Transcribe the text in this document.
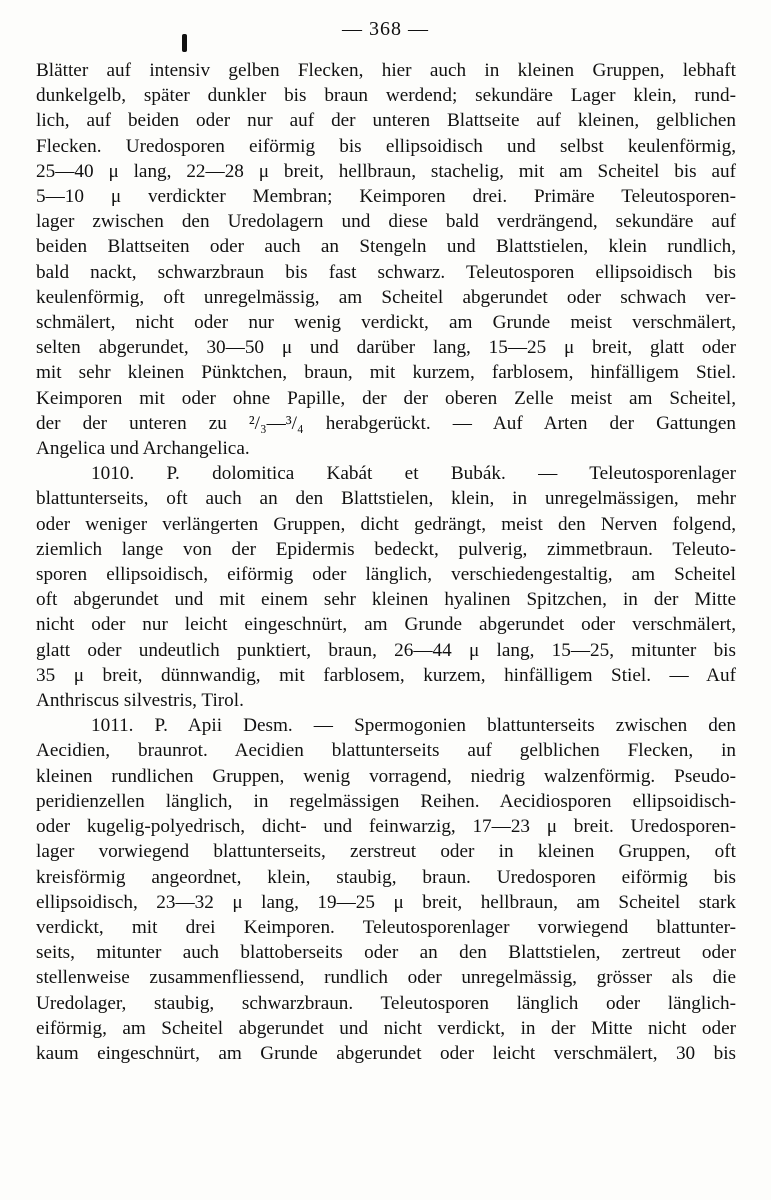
— 368 —
Blätter auf intensiv gelben Flecken, hier auch in kleinen Gruppen, lebhaft
dunkelgelb, später dunkler bis braun werdend; sekundäre Lager klein, rund-
lich, auf beiden oder nur auf der unteren Blattseite auf kleinen, gelblichen
Flecken. Uredosporen eiförmig bis ellipsoidisch und selbst keulenförmig,
25—40 μ lang, 22—28 μ breit, hellbraun, stachelig, mit am Scheitel bis auf
5—10 μ verdickter Membran; Keimporen drei. Primäre Teleutosporen-
lager zwischen den Uredolagern und diese bald verdrängend, sekundäre auf
beiden Blattseiten oder auch an Stengeln und Blattstielen, klein rundlich,
bald nackt, schwarzbraun bis fast schwarz. Teleutosporen ellipsoidisch bis
keulenförmig, oft unregelmässig, am Scheitel abgerundet oder schwach ver-
schmälert, nicht oder nur wenig verdickt, am Grunde meist verschmälert,
selten abgerundet, 30—50 μ und darüber lang, 15—25 μ breit, glatt oder
mit sehr kleinen Pünktchen, braun, mit kurzem, farblosem, hinfälligem Stiel.
Keimporen mit oder ohne Papille, der der oberen Zelle meist am Scheitel,
der der unteren zu ²/₃—³/₄ herabgerückt. — Auf Arten der Gattungen
Angelica und Archangelica.
1010. P. dolomitica Kabát et Bubák. — Teleutosporenlager
blattunterseits, oft auch an den Blattstielen, klein, in unregelmässigen, mehr
oder weniger verlängerten Gruppen, dicht gedrängt, meist den Nerven folgend,
ziemlich lange von der Epidermis bedeckt, pulverig, zimmetbraun. Teleuto-
sporen ellipsoidisch, eiförmig oder länglich, verschiedengestaltig, am Scheitel
oft abgerundet und mit einem sehr kleinen hyalinen Spitzchen, in der Mitte
nicht oder nur leicht eingeschnürt, am Grunde abgerundet oder verschmälert,
glatt oder undeutlich punktiert, braun, 26—44 μ lang, 15—25, mitunter bis
35 μ breit, dünnwandig, mit farblosem, kurzem, hinfälligem Stiel. — Auf
Anthriscus silvestris, Tirol.
1011. P. Apii Desm. — Spermogonien blattunterseits zwischen den
Aecidien, braunrot. Aecidien blattunterseits auf gelblichen Flecken, in
kleinen rundlichen Gruppen, wenig vorragend, niedrig walzenförmig. Pseudo-
peridienzellen länglich, in regelmässigen Reihen. Aecidiosporen ellipsoidisch-
oder kugelig-polyedrisch, dicht- und feinwarzig, 17—23 μ breit. Uredosporen-
lager vorwiegend blattunterseits, zerstreut oder in kleinen Gruppen, oft
kreisförmig angeordnet, klein, staubig, braun. Uredosporen eiförmig bis
ellipsoidisch, 23—32 μ lang, 19—25 μ breit, hellbraun, am Scheitel stark
verdickt, mit drei Keimporen. Teleutosporenlager vorwiegend blattunter-
seits, mitunter auch blattoberseits oder an den Blattstielen, zertreut oder
stellenweise zusammenfliessend, rundlich oder unregelmässig, grösser als die
Uredolager, staubig, schwarzbraun. Teleutosporen länglich oder länglich-
eiförmig, am Scheitel abgerundet und nicht verdickt, in der Mitte nicht oder
kaum eingeschnürt, am Grunde abgerundet oder leicht verschmälert, 30 bis
